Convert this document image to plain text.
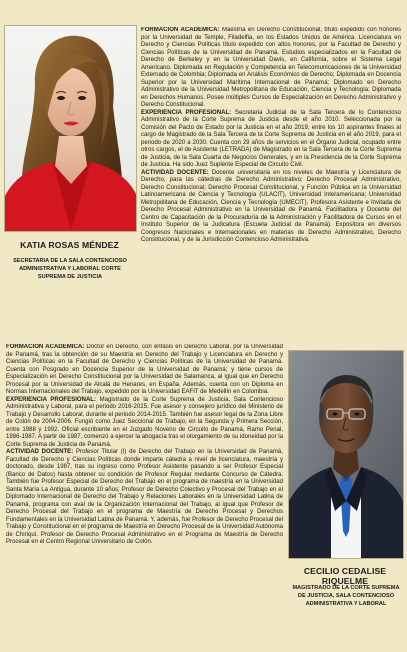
KATIA ROSAS MÉNDEZ

SECRETARIA DE LA SALA CONTENCIOSO ADMINISTRATIVA Y LABORAL CORTE SUPREMA DE JUSTICIA

FORMACIÓN ACADÉMICA: Maestría en Derecho Constitucional, título expedido con honores por la Universidad de Temple, Filadelfia, en los Estados Unidos de América. Licenciatura en Derecho y Ciencias Políticas título expedido con altos honores, por la Facultad de Derecho y Ciencias Políticas de la Universidad de Panamá. Estudios especializados en la Facultad de Derecho de Berkeley y en la Universidad Davis, en California, sobre el Sistema Legal Americano. Diplomada en Regulación y Competencia en Telecomunicaciones de la Universidad Externado de Colombia; Diplomada en Análisis Económico de Derecho; Diplomada en Docencia Superior por la Universidad Marítima Internacional de Panamá; Diplomado en Derecho Administrativo de la Universidad Metropolitana de Educación, Ciencia y Tecnología; Diplomada en Derechos Humanos. Posee múltiples Cursos de Especialización en Derecho Administrativo y Derecho Constitucional.

EXPERIENCIA PROFESIONAL: Secretaria Judicial de la Sala Tercera de lo Contencioso Administrativo de la Corte Suprema de Justicia desde el año 2010. Seleccionada por la Comisión del Pacto de Estado por la Justicia en el año 2019, entre los 10 aspirantes finales al cargo de Magistrado de la Sala Tercera de la Corte Suprema de Justicia en el año 2019, para el periodo de 2020 a 2030. Cuenta con 29 años de servicios en el Órgano Judicial, ocupado entre otros cargos, el de Asistente (LETRADA) de Magistrado en la Sala Tercera de la Corte Suprema de Justicia, de la Sala Cuarta de Negocios Generales, y en la Presidencia de la Corte Suprema de Justicia. Ha sido Juez Suplente Especial de Circuito Civil.

ACTIVIDAD DOCENTE: Docente universitaria en los niveles de Maestría y Licenciatura de Derecho, para las cátedras de Derecho Administrativo; Derecho Procesal Administrativo, Derecho Constitucional; Derecho Procesal Constitucional, y Función Pública en la Universidad Latinoamericana de Ciencia y Tecnología (ULACIT), Universidad Interamericana; Universidad Metropolitana de Educación, Ciencia y Tecnología (UMECIT). Profesora Asistente e Invitada de Derecho Procesal Administrativo en la Universidad de Panamá. Facilitadora y Docente del Centro de Capacitación de la Procuraduría de la Administración y Facilitadora de Cursos en el Instituto Superior de la Judicatura (Escuela Judicial de Panamá). Expositora en diversos Congresos Nacionales e Internacionales en materias de Derecho Administrativo, Derecho Constitucional, y de la Jurisdicción Contencioso Administrativa.

FORMACIÓN ACADÉMICA: Doctor en Derecho, con énfasis en Derecho Laboral, por la Universidad de Panamá, tras la obtención de su Maestría en Derecho del Trabajo y Licenciatura en Derecho y Ciencias Políticas en la Facultad de Derecho y Ciencias Políticas de la Universidad de Panamá. Cuenta con Posgrado en Docencia Superior de la Universidad de Panamá; y tiene cursos de Especialización en Derecho Constitucional por la Universidad de Salamanca, al igual que en Derecho Procesal por la Universidad de Alcalá de Henares, en España. Además, cuenta con un Diploma en Normas Internacionales del Trabajo, expedido por la Universidad EAFIT de Medellín en Colombia.

EXPERIENCIA PROFESIONAL: Magistrado de la Corte Suprema de Justicia, Sala Contencioso Administrativa y Laboral, para el periodo 2016-2025. Fue asesor y consejero jurídico del Ministerio de Trabajo y Desarrollo Laboral, durante el periodo 2014-2015. También fue asesor legal de la Zona Libre de Colón de 2004-2006. Fungió como Juez Seccional de Trabajo, en la Segunda y Primera Sección, entre 1988 y 1992. Oficial escribiente en el Juzgado Noveno de Circuito de Panamá, Ramo Penal, 1986-1987. A partir de 1987, comenzó a ejercer la abogacía tras el otorgamiento de su idoneidad por la Corte Suprema de Justicia de Panamá.

ACTIVIDAD DOCENTE: Profesor Titular (I) de Derecho del Trabajo en la Universidad de Panamá, Facultad de Derecho y Ciencias Políticas donde imparte cátedra a nivel de licenciatura, maestría y doctorado, desde 1987, tras su ingreso como Profesor Asistente pasando a ser Profesor Especial (Banco de Datos) hasta obtener su condición de Profesor Regular mediante Concurso de Cátedra. También fue Profesor Especial de Derecho del Trabajo en el programa de maestría en la Universidad Santa María La Antigua, durante 10 años; Profesor de Derecho Colectivo y Procesal del Trabajo en el Diplomado Internacional de Derecho del Trabajo y Relaciones Laborales en la Universidad Latina de Panamá, programa con aval de la Organización Internacional del Trabajo, al igual que Profesor de Derecho Procesal del Trabajo en el programa de Maestría de Derecho Procesal y Derechos Fundamentales en la Universidad Latina de Panamá. Y, además, fue Profesor de Derecho Procesal del Trabajo y Constitucional en el programa de Maestría en Derecho Procesal de la Universidad Autónoma de Chiriquí. Profesor de Derecho Procesal Administrativo en el Programa de Maestría de Derecho Procesal en el Centro Regional Universitario de Colón.

CECILIO CEDALISE RIQUELME

MAGISTRADO DE LA CORTE SUPREMA DE JUSTICIA, SALA CONTENCIOSO ADMINISTRATIVA Y LABORAL
